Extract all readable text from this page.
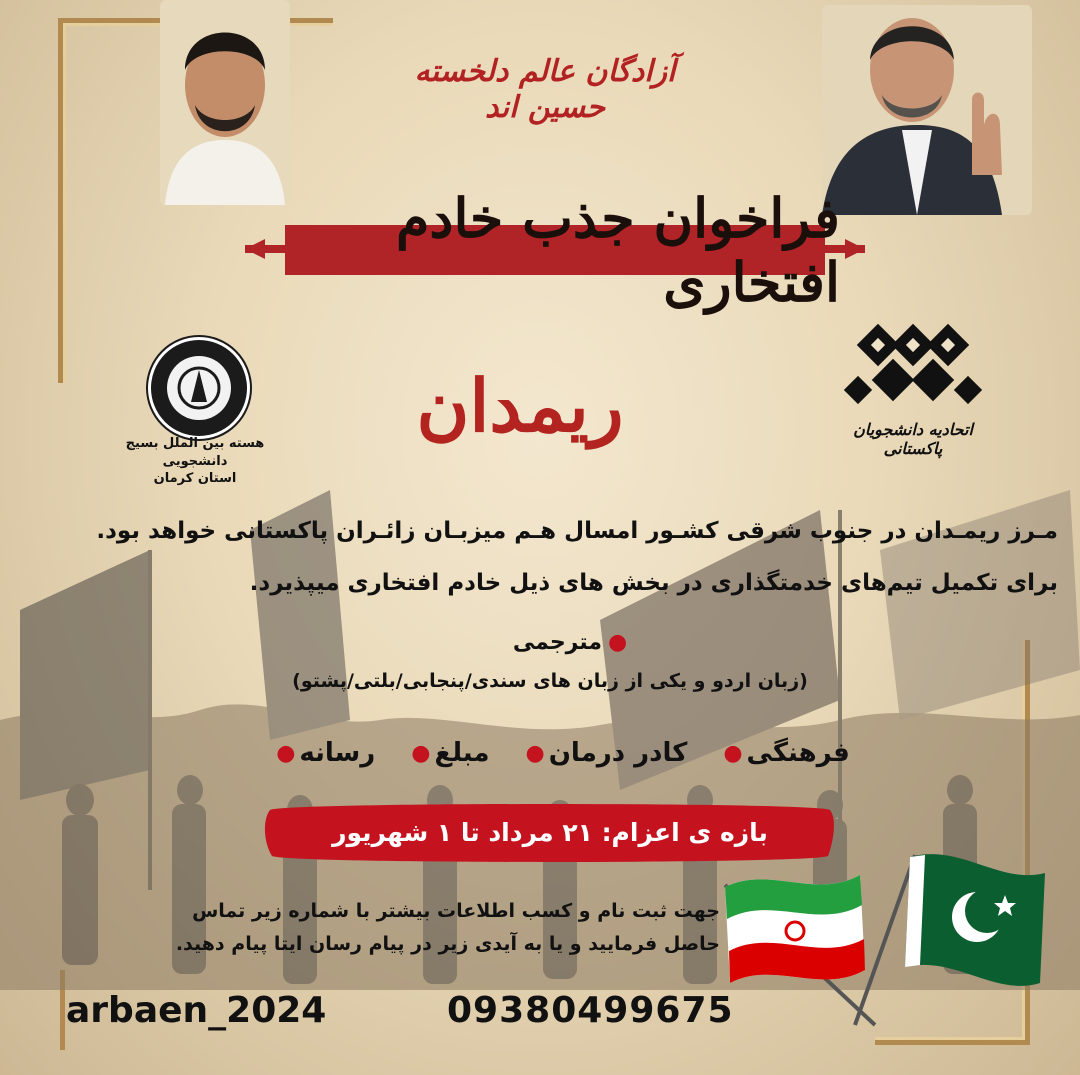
آزادگان عالم دلخسته حسین اند
فراخوان جذب خادم افتخاری
ریمدان
هسته بین الملل بسیج دانشجویی
استان کرمان
اتحادیه دانشجویان پاکستانی
مـرز ریمـدان در جنوب شرقی کشـور امسال هـم میزبـان زائـران پاکستانی خواهد بود.
برای تکمیل تیم‌های خدمتگذاری در بخش های ذیل خادم افتخاری میپذیرد.
●مترجمی
(زبان اردو و یکی از زبان های سندی/پنجابی/بلتی/پشتو)
● رسانه ● مبلغ ● کادر درمان ● فرهنگی
بازه ی اعزام: ۲۱ مرداد تا ۱ شهریور
جهت ثبت نام و کسب اطلاعات بیشتر با شماره زیر تماس
حاصل فرمایید و یا به آیدی زیر در پیام رسان ایتا پیام دهید.
arbaen_2024	09380499675
